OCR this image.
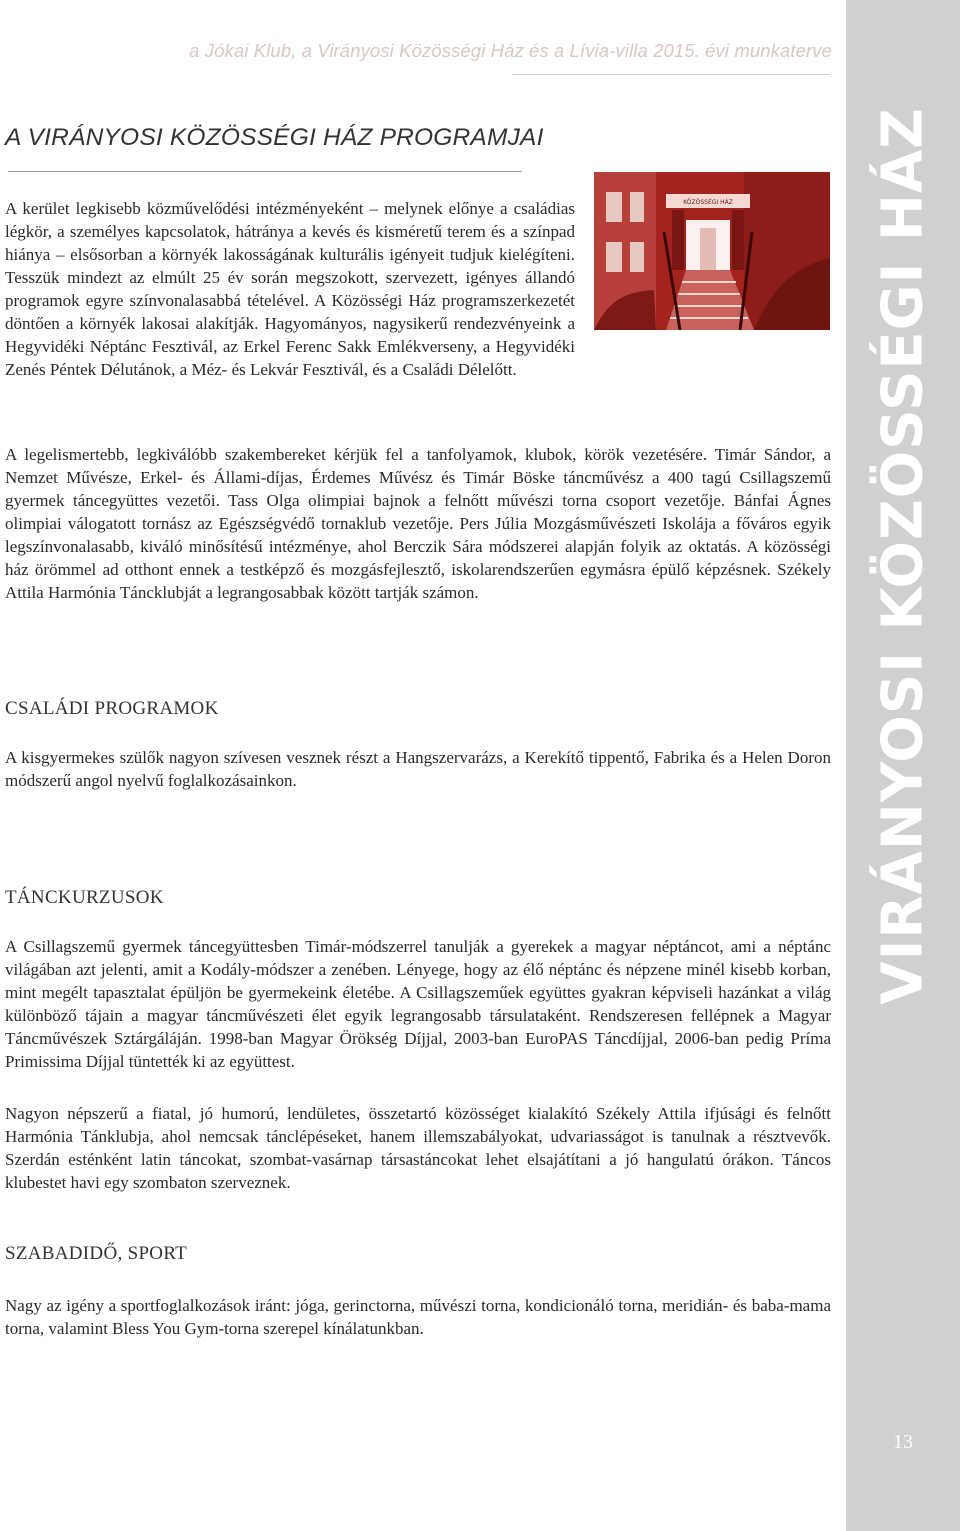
a Jókai Klub, a Virányosi Közösségi Ház és a Lívia-villa 2015. évi munkaterve
VIRÁNYOSI KÖZÖSSÉGI HÁZ
13
A VIRÁNYOSI KÖZÖSSÉGI HÁZ PROGRAMJAI
KÖZÖSSÉGI HÁZ

A kerület legkisebb közművelődési intézményeként – melynek előnye a családias légkör, a személyes kapcsolatok, hátránya a kevés és kisméretű terem és a színpad hiánya – elsősorban a környék lakosságának kulturális igényeit tudjuk kielégíteni. Tesszük mindezt az elmúlt 25 év során megszokott, szervezett, igényes állandó programok egyre színvonalasabbá tételével. A Közösségi Ház programszerkezetét döntően a környék lakosai alakítják. Hagyományos, nagysikerű rendezvényeink a Hegyvidéki Néptánc Fesztivál, az Erkel Ferenc Sakk Emlékverseny, a Hegyvidéki Zenés Péntek Délutánok, a Méz- és Lekvár Fesztivál, és a Családi Délelőtt.

A legelismertebb, legkiválóbb szakembereket kérjük fel a tanfolyamok, klubok, körök vezetésére. Timár Sándor, a Nemzet Művésze, Erkel- és Állami-díjas, Érdemes Művész és Timár Böske táncművész a 400 tagú Csillagszemű gyermek táncegyüttes vezetői. Tass Olga olimpiai bajnok a felnőtt művészi torna csoport vezetője. Bánfai Ágnes olimpiai válogatott tornász az Egészségvédő tornaklub vezetője. Pers Júlia Mozgásművészeti Iskolája a főváros egyik legszínvonalasabb, kiváló minősítésű intézménye, ahol Berczik Sára módszerei alapján folyik az oktatás. A közösségi ház örömmel ad otthont ennek a testképző és mozgásfejlesztő, iskolarendszerűen egymásra épülő képzésnek. Székely Attila Harmónia Táncklubját a legrangosabbak között tartják számon.

CSALÁDI PROGRAMOK

A kisgyermekes szülők nagyon szívesen vesznek részt a Hangszervarázs, a Kerekítő tippentő, Fabrika és a Helen Doron módszerű angol nyelvű foglalkozásainkon.

TÁNCKURZUSOK

A Csillagszemű gyermek táncegyüttesben Timár-módszerrel tanulják a gyerekek a magyar néptáncot, ami a néptánc világában azt jelenti, amit a Kodály-módszer a zenében. Lényege, hogy az élő néptánc és népzene minél kisebb korban, mint megélt tapasztalat épüljön be gyermekeink életébe. A Csillagszeműek együttes gyakran képviseli hazánkat a világ különböző tájain a magyar táncművészeti élet egyik legrangosabb társulataként. Rendszeresen fellépnek a Magyar Táncművészek Sztárgáláján. 1998-ban Magyar Örökség Díjjal, 2003-ban EuroPAS Táncdíjjal, 2006-ban pedig Príma Primissima Díjjal tüntették ki az együttest.

Nagyon népszerű a fiatal, jó humorú, lendületes, összetartó közösséget kialakító Székely Attila ifjúsági és felnőtt Harmónia Tánklubja, ahol nemcsak tánclépéseket, hanem illemszabályokat, udvariasságot is tanulnak a résztvevők. Szerdán esténként latin táncokat, szombat-vasárnap társastáncokat lehet elsajátítani a jó hangulatú órákon. Táncos klubestet havi egy szombaton szerveznek.

SZABADIDŐ, SPORT

Nagy az igény a sportfoglalkozások iránt: jóga, gerinctorna, művészi torna, kondicionáló torna, meridián- és baba-mama torna, valamint Bless You Gym-torna szerepel kínálatunkban.
